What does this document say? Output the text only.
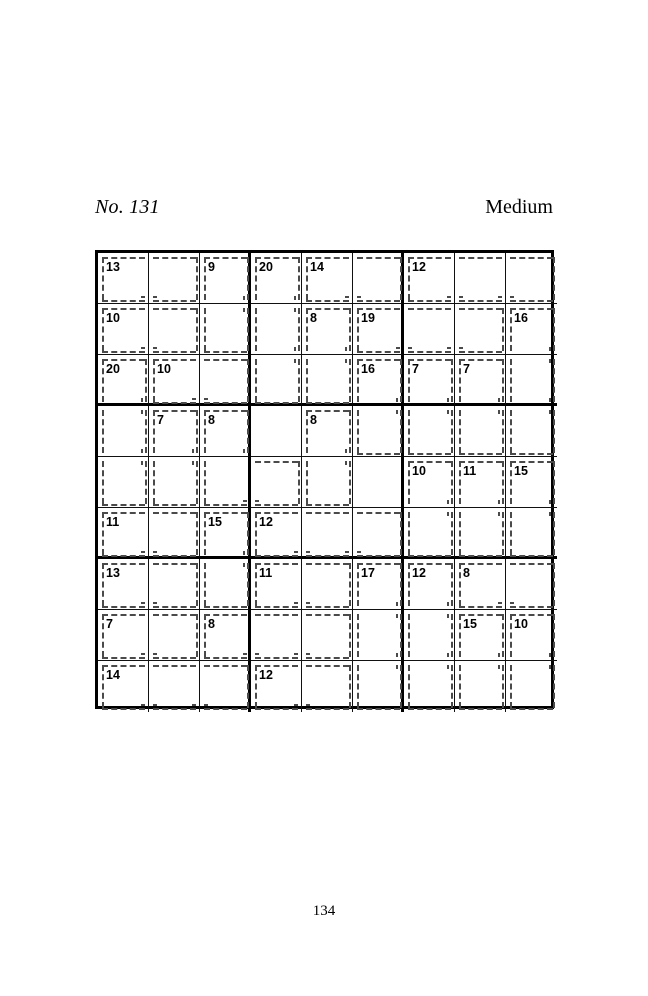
No. 131	Medium
13	9	20	14	12
10	8	19	16
20	10	16	7	7
7	8	8
10	11	15
11	15	12
13	11	17	12	8
7	8	15	10
14	12
134
